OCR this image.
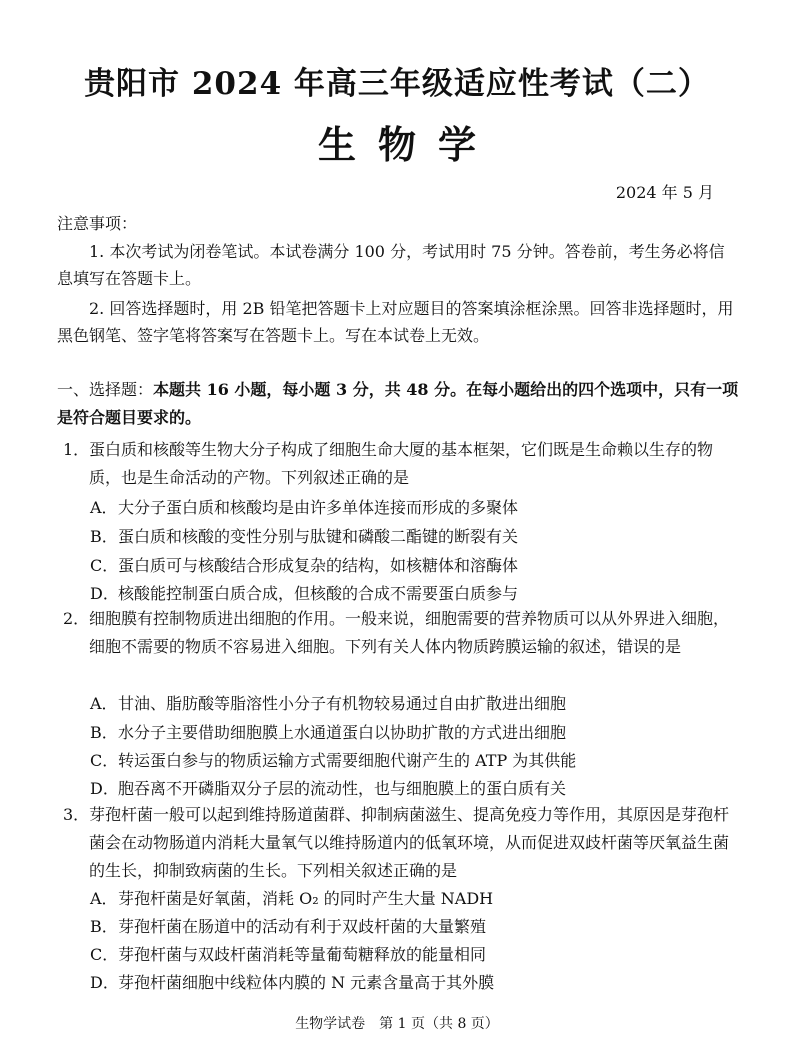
贵阳市 2024 年高三年级适应性考试（二）
生物学
2024 年 5 月
注意事项：
1. 本次考试为闭卷笔试。本试卷满分 100 分，考试用时 75 分钟。答卷前，考生务必将信息填写在答题卡上。
2. 回答选择题时，用 2B 铅笔把答题卡上对应题目的答案填涂框涂黑。回答非选择题时，用黑色钢笔、签字笔将答案写在答题卡上。写在本试卷上无效。
一、选择题：本题共 16 小题，每小题 3 分，共 48 分。在每小题给出的四个选项中，只有一项是符合题目要求的。
1． 蛋白质和核酸等生物大分子构成了细胞生命大厦的基本框架，它们既是生命赖以生存的物质，也是生命活动的产物。下列叙述正确的是
A．大分子蛋白质和核酸均是由许多单体连接而形成的多聚体
B．蛋白质和核酸的变性分别与肽键和磷酸二酯键的断裂有关
C．蛋白质可与核酸结合形成复杂的结构，如核糖体和溶酶体
D．核酸能控制蛋白质合成，但核酸的合成不需要蛋白质参与
2． 细胞膜有控制物质进出细胞的作用。一般来说，细胞需要的营养物质可以从外界进入细胞，细胞不需要的物质不容易进入细胞。下列有关人体内物质跨膜运输的叙述，错误的是
A．甘油、脂肪酸等脂溶性小分子有机物较易通过自由扩散进出细胞
B．水分子主要借助细胞膜上水通道蛋白以协助扩散的方式进出细胞
C．转运蛋白参与的物质运输方式需要细胞代谢产生的 ATP 为其供能
D．胞吞离不开磷脂双分子层的流动性，也与细胞膜上的蛋白质有关
3． 芽孢杆菌一般可以起到维持肠道菌群、抑制病菌滋生、提高免疫力等作用，其原因是芽孢杆菌会在动物肠道内消耗大量氧气以维持肠道内的低氧环境，从而促进双歧杆菌等厌氧益生菌的生长，抑制致病菌的生长。下列相关叙述正确的是
A．芽孢杆菌是好氧菌，消耗 O₂ 的同时产生大量 NADH
B．芽孢杆菌在肠道中的活动有利于双歧杆菌的大量繁殖
C．芽孢杆菌与双歧杆菌消耗等量葡萄糖释放的能量相同
D．芽孢杆菌细胞中线粒体内膜的 N 元素含量高于其外膜
生物学试卷　第 1 页（共 8 页）
